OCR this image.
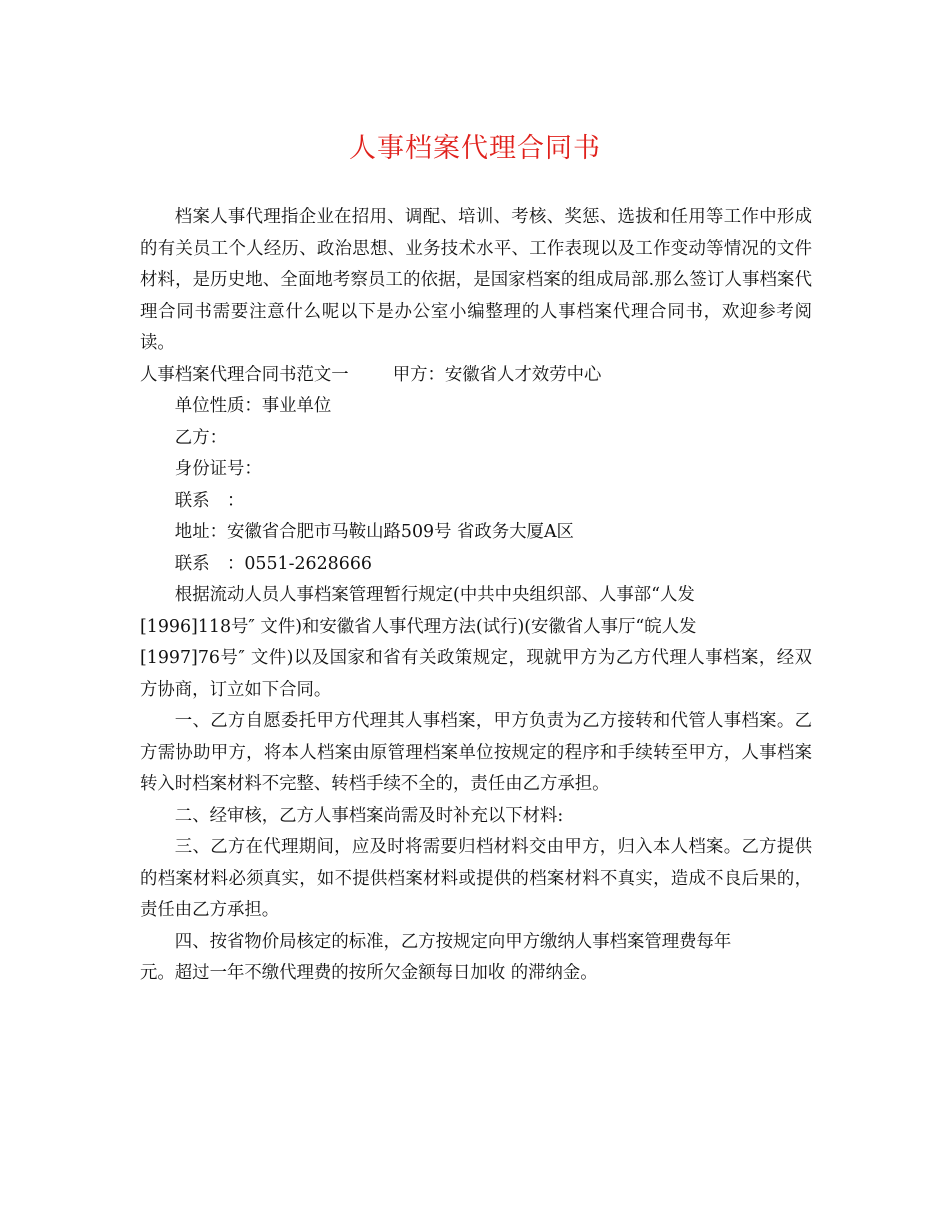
人事档案代理合同书

档案人事代理指企业在招用、调配、培训、考核、奖惩、选拔和任用等工作中形成的有关员工个人经历、政治思想、业务技术水平、工作表现以及工作变动等情况的文件材料，是历史地、全面地考察员工的依据，是国家档案的组成局部.那么签订人事档案代理合同书需要注意什么呢以下是办公室小编整理的人事档案代理合同书，欢迎参考阅读。

人事档案代理合同书范文一	甲方：安徽省人才效劳中心

单位性质：事业单位

乙方：

身份证号：

联系　：

地址：安徽省合肥市马鞍山路509号 省政务大厦A区

联系　：0551-2628666

根据流动人员人事档案管理暂行规定(中共中央组织部、人事部“人发
[1996]118号″ 文件)和安徽省人事代理方法(试行)(安徽省人事厅“皖人发
[1997]76号″ 文件)以及国家和省有关政策规定，现就甲方为乙方代理人事档案，经双方协商，订立如下合同。

一、乙方自愿委托甲方代理其人事档案，甲方负责为乙方接转和代管人事档案。乙方需协助甲方，将本人档案由原管理档案单位按规定的程序和手续转至甲方，人事档案转入时档案材料不完整、转档手续不全的，责任由乙方承担。

二、经审核，乙方人事档案尚需及时补充以下材料:

三、乙方在代理期间，应及时将需要归档材料交由甲方，归入本人档案。乙方提供的档案材料必须真实，如不提供档案材料或提供的档案材料不真实，造成不良后果的，责任由乙方承担。

四、按省物价局核定的标准，乙方按规定向甲方缴纳人事档案管理费每年
元。超过一年不缴代理费的按所欠金额每日加收 的滞纳金。
